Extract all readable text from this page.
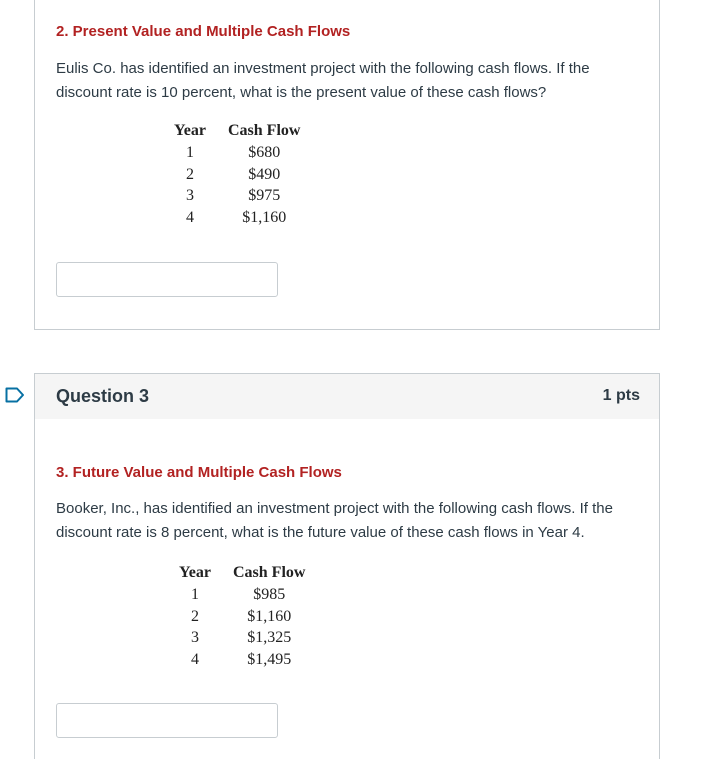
2. Present Value and Multiple Cash Flows

Eulis Co. has identified an investment project with the following cash flows. If the discount rate is 10 percent, what is the present value of these cash flows?

Year	Cash Flow
1	$680
2	$490
3	$975
4	$1,160
Question 3	1 pts
3. Future Value and Multiple Cash Flows

Booker, Inc., has identified an investment project with the following cash flows. If the discount rate is 8 percent, what is the future value of these cash flows in Year 4.

Year	Cash Flow
1	$985
2	$1,160
3	$1,325
4	$1,495
